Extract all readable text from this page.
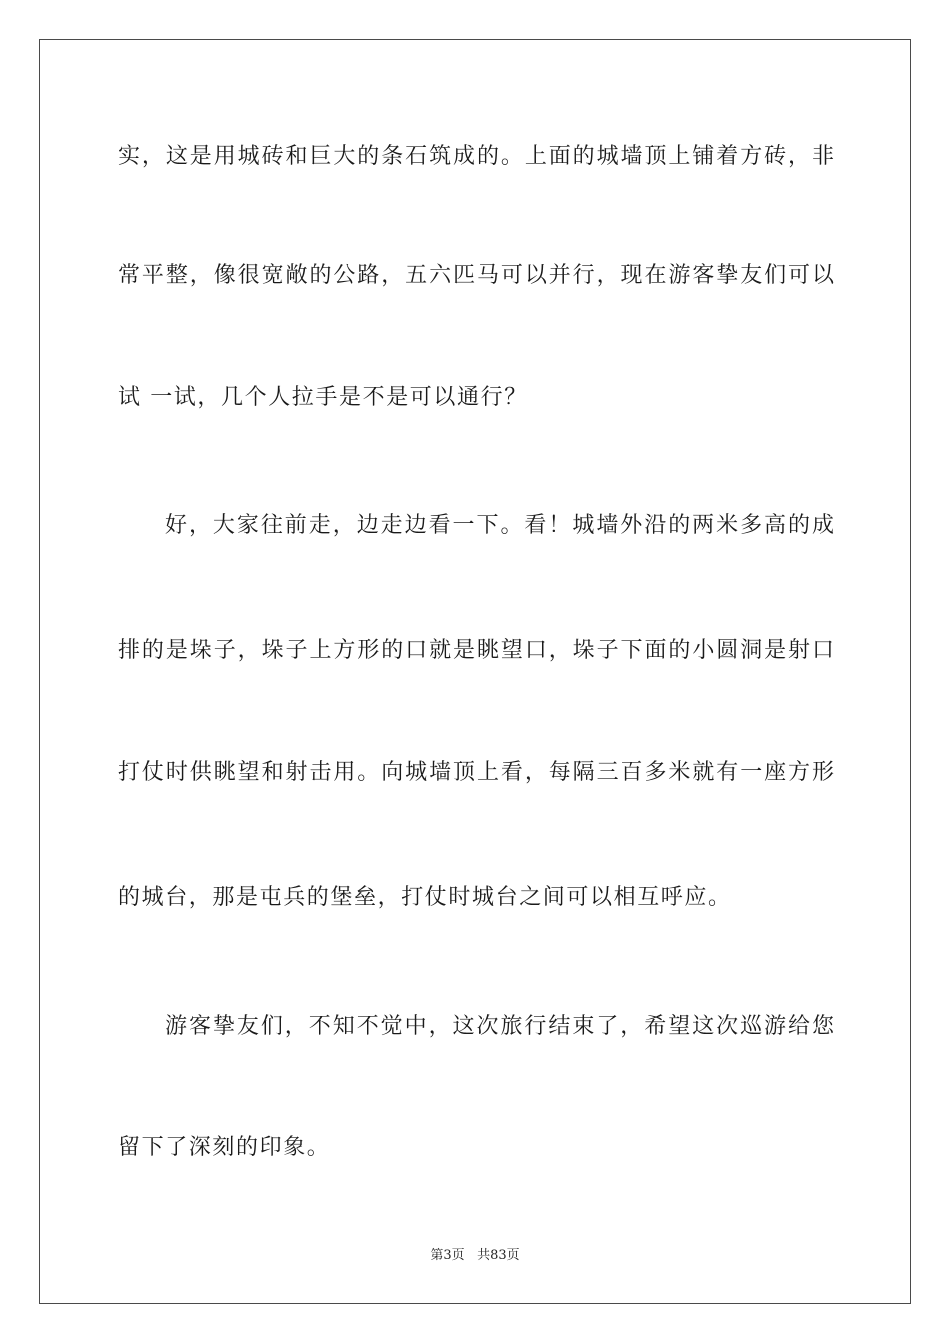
实，这是用城砖和巨大的条石筑成的。上面的城墙顶上铺着方砖，非
常平整，像很宽敞的公路，五六匹马可以并行，现在游客挚友们可以
试 一试，几个人拉手是不是可以通行？
好，大家往前走，边走边看一下。看！城墙外沿的两米多高的成
排的是垛子，垛子上方形的口就是眺望口，垛子下面的小圆洞是射口
打仗时供眺望和射击用。向城墙顶上看，每隔三百多米就有一座方形
的城台，那是屯兵的堡垒，打仗时城台之间可以相互呼应。
游客挚友们，不知不觉中，这次旅行结束了，希望这次巡游给您
留下了深刻的印象。
第3页 共83页
